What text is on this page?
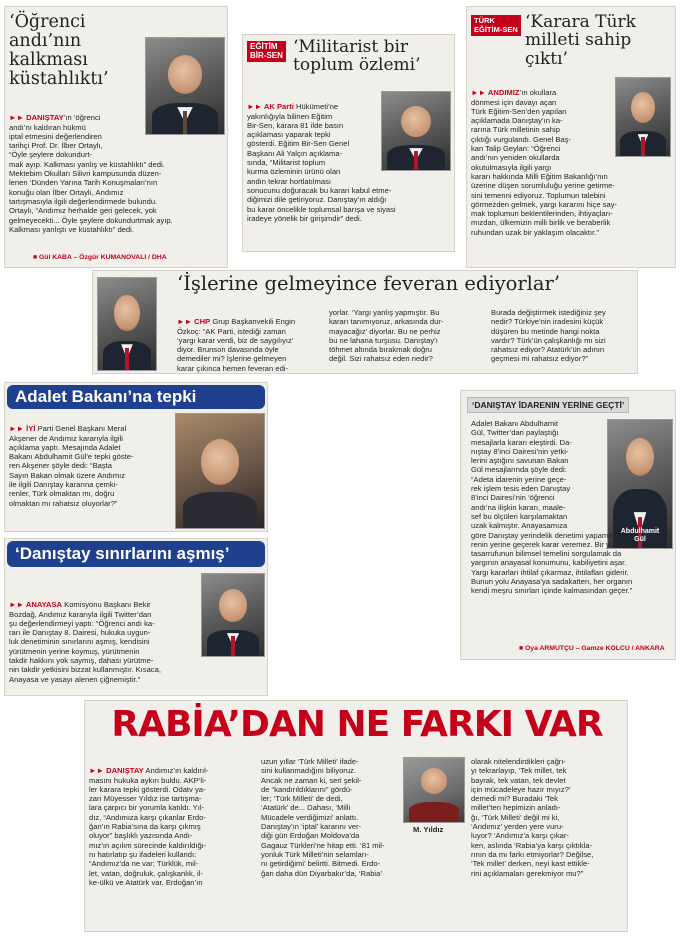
‘Öğrenci andı’nın
kalkması
küstahlıktı’

►► DANIŞTAY’ın ‘öğrenci
andı’nı kaldıran hükmü
iptal etmesini değerlendiren
tarihçi Prof. Dr. İlber Ortaylı,
“Öyle şeylere dokundurt-
mak ayıp. Kalkması yanlış ve küstahlıktı” dedi.
Mektebim Okulları Silivri kampusunda düzen-
lenen ‘Dünden Yarına Tarih Konuşmaları’nın
konuğu olan İlber Ortaylı, Andımız
tartışmasıyla ilgili değerlendirmede bulundu.
Ortaylı, “Andımız herhalde geri gelecek, yok
gelmeyecekti... Öyle şeylere dokundurtmak ayıp.
Kalkması yanlıştı ve küstahlıktı” dedi.

■ Gül KABA – Özgür KUMANOVALI / DHA
EĞİTİM
BİR-SEN ‘Militarist bir
toplum özlemi’

►► AK Parti Hükümeti’ne
yakınlığıyla bilinen Eğitim
Bir-Sen, karara 81 ilde basın
açıklaması yaparak tepki
gösterdi. Eğitim Bir-Sen Genel
Başkanı Ali Yalçın açıklama-
sında, “Militarist toplum
kurma özleminin ürünü olan
andın tekrar hortlatılması
sonucunu doğuracak bu kararı kabul etme-
diğimizi dile getiriyoruz. Danıştay’ın aldığı
bu karar öncelikle toplumsal barışa ve siyasi
iradeye yönelik bir girişimdir” dedi.

TÜRK
EĞİTİM-SEN ‘Karara Türk
milleti sahip çıktı’

►► ANDIMIZ’ın okullara
dönmesi için davayı açan
Türk Eğitim-Sen’den yapılan
açıklamada Danıştay’ın ka-
rarına Türk milletinin sahip
çıktığı vurgulandı. Genel Baş-
kan Talip Geylan: “Öğrenci
andı’nın yeniden okullarda
okutulmasıyla ilgili yargı
kararı hakkında Milli Eğitim Bakanlığı’nın
üzerine düşen sorumluluğu yerine getirme-
sini temenni ediyoruz. Toplumun talebini
görmezden gelmek, yargı kararını hiçe say-
mak toplumun beklentilerinden, ihtiyaçları-
mızdan, ülkemizin milli birlik ve beraberlik
ruhundan uzak bir yaklaşım olacaktır.”

‘İşlerine gelmeyince feveran ediyorlar’

►► CHP Grup Başkanvekili Engin
Özkoç: “AK Parti, istediği zaman
‘yargı karar verdi, biz de saygılıyız’
diyor. Brunson davasında öyle
demediler mi? İşlerine gelmeyen
karar çıkınca hemen feveran edi-

yorlar. ‘Yargı yanlış yapmıştır. Bu
kararı tanımıyoruz, arkasında dur-
mayacağız’ diyorlar. Bu ne perhiz
bu ne lahana turşusu. Danıştay’ı
töhmet altında bırakmak doğru
değil. Sizi rahatsız eden nedir?
Burada değiştirmek istediğiniz şey
nedir? Türkiye’nin iradesini küçük
düşüren bu metinde hangi nokta
vardır? Türk’ün çalışkanlığı mı sizi
rahatsız ediyor? Atatürk’ün adının
geçmesi mi rahatsız ediyor?”
Adalet Bakanı’na tepki

►► İYİ Parti Genel Başkanı Meral
Akşener de Andımız kararıyla ilgili
açıklama yaptı. Mesajında Adalet
Bakanı Abdulhamit Gül’e tepki göste-
ren Akşener şöyle dedi: “Başta
Sayın Bakan olmak üzere Andımız
ile ilgili Danıştay kararına çemki-
renler, Türk olmaktan mı, doğru
olmaktan mı rahatsız oluyorlar?”

‘Danıştay sınırlarını aşmış’

►► ANAYASA Komisyonu Başkanı Bekir
Bozdağ, Andımız kararıyla ilgili Twitter’dan
şu değerlendirmeyi yaptı: “Öğrenci andı ka-
rarı ile Danıştay 8. Dairesi, hukuka uygun-
luk denetiminin sınırlarını aşmış, kendisini
yürütmenin yerine koymuş, yürütmenin
takdir hakkını yok saymış, dahası yürütme-
nin takdir yetkisini bizzat kullanmıştır. Kısaca,
Anayasa ve yasayı alenen çiğnemiştir.”

‘DANIŞTAY İDARENIN YERİNE GEÇTİ’
Abdulhamit
Gül
Adalet Bakanı Abdulhamit
Gül, Twitter’dan paylaştığı
mesajlarla kararı eleştirdi. Da-
nıştay 8’inci Dairesi’nin yetki-
lerini aştığını savunan Bakan
Gül mesajlarında şöyle dedi:
“Adeta idarenin yerine geçe-
rek işlem tesis eden Danıştay
8’inci Dairesi’nin ‘öğrenci
andı’na ilişkin kararı, maale-
sef bu ölçüleri karşılamaktan
uzak kalmıştır. Anayasamıza
göre Danıştay yerindelik denetimi yapamaz, ida-
renin yerine geçerek karar veremez. Bir yürütme
tasarrufunun bilimsel temelini sorgulamak da
yargının anayasal konumunu, kabiliyetini aşar.
Yargı kararları ihtilaf çıkarmaz, ihtilafları giderir.
Bunun yolu Anayasa’ya sadakatten, her organın
kendi meşru sınırları içinde kalmasından geçer.”
■ Oya ARMUTÇU – Gamze KOLCU / ANKARA
RABİA’DAN NE FARKI VAR

►► DANIŞTAY Andımız’ın kaldırıl-
masını hukuka aykırı buldu. AKP’li-
ler karara tepki gösterdi. Odatv ya-
zarı Müyesser Yıldız ise tartışma-
lara çarpıcı bir yorumla katıldı. Yıl-
dız, “Andımıza karşı çıkanlar Erdo-
ğan’ın Rabia’sına da karşı çıkmış
oluyor” başlıklı yazısında Andı-
mız’ın açılım sürecinde kaldırıldığı-
nı hatırlatıp şu ifadeleri kullandı:
“Andımız’da ne var; Türklük, mil-
let, vatan, doğruluk, çalışkanlık, il-
ke-ülkü ve Atatürk var. Erdoğan’ın

uzun yıllar ‘Türk Milleti’ ifade-
sini kullanmadığını biliyoruz.
Ancak ne zaman ki, seri şekil-
de “kandırıldıklarını” gördü-
ler; ‘Türk Milleti’ de dedi,
‘Atatürk’ de... Dahası, ‘Milli
Mücadele verdiğimizi’ anlattı.
Danıştay’ın ‘iptal’ kararını ver-
diği gün Erdoğan Moldova’da
Gagauz Türkleri’ne hitap etti. ‘81 mil-
yonluk Türk Milleti’nin selamları-
nı getirdiğimi’ belirtti. Bitmedi. Erdo-
ğan daha dün Diyarbakır’da, ‘Rabia’
M. Yıldız
olarak nitelendirdikleri çağrı-
yı tekrarlayıp, ‘Tek millet, tek
bayrak, tek vatan, tek devlet
için mücadeleye hazır mıyız?’
demedi mi? Buradaki ‘Tek
millet’ten hepimizin anladı-
ğı, ‘Türk Milleti’ değil mi ki,
‘Andımız’ yerden yere vuru-
luyor? ‘Andımız’a karşı çıkar-
ken, aslında ‘Rabia’ya karşı çıktıkla-
rının da mı farkı etmiyorlar? Değilse,
‘Tek millet’ derken, neyi kast ettikle-
rini açıklamaları gerekmiyor mu?”
